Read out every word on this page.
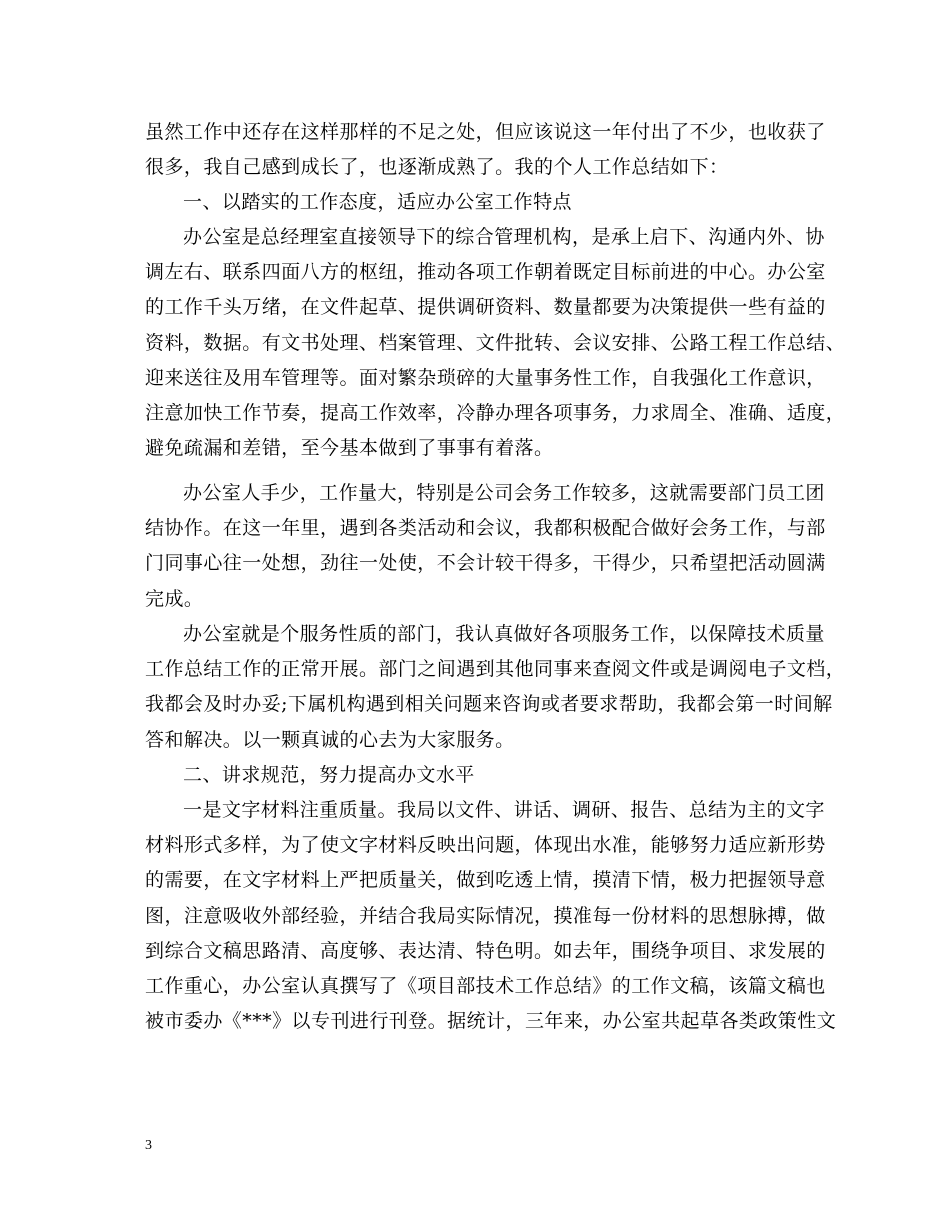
虽然工作中还存在这样那样的不足之处，但应该说这一年付出了不少，也收获了
很多，我自己感到成长了，也逐渐成熟了。我的个人工作总结如下：
一、以踏实的工作态度，适应办公室工作特点
办公室是总经理室直接领导下的综合管理机构，是承上启下、沟通内外、协
调左右、联系四面八方的枢纽，推动各项工作朝着既定目标前进的中心。办公室
的工作千头万绪，在文件起草、提供调研资料、数量都要为决策提供一些有益的
资料，数据。有文书处理、档案管理、文件批转、会议安排、公路工程工作总结、
迎来送往及用车管理等。面对繁杂琐碎的大量事务性工作，自我强化工作意识，
注意加快工作节奏，提高工作效率，冷静办理各项事务，力求周全、准确、适度，
避免疏漏和差错，至今基本做到了事事有着落。
办公室人手少，工作量大，特别是公司会务工作较多，这就需要部门员工团
结协作。在这一年里，遇到各类活动和会议，我都积极配合做好会务工作，与部
门同事心往一处想，劲往一处使，不会计较干得多，干得少，只希望把活动圆满
完成。
办公室就是个服务性质的部门，我认真做好各项服务工作，以保障技术质量
工作总结工作的正常开展。部门之间遇到其他同事来查阅文件或是调阅电子文档，
我都会及时办妥;下属机构遇到相关问题来咨询或者要求帮助，我都会第一时间解
答和解决。以一颗真诚的心去为大家服务。
二、讲求规范，努力提高办文水平
一是文字材料注重质量。我局以文件、讲话、调研、报告、总结为主的文字
材料形式多样，为了使文字材料反映出问题，体现出水准，能够努力适应新形势
的需要，在文字材料上严把质量关，做到吃透上情，摸清下情，极力把握领导意
图，注意吸收外部经验，并结合我局实际情况，摸准每一份材料的思想脉搏，做
到综合文稿思路清、高度够、表达清、特色明。如去年，围绕争项目、求发展的
工作重心，办公室认真撰写了《项目部技术工作总结》的工作文稿，该篇文稿也
被市委办《***》以专刊进行刊登。据统计，三年来，办公室共起草各类政策性文
3
